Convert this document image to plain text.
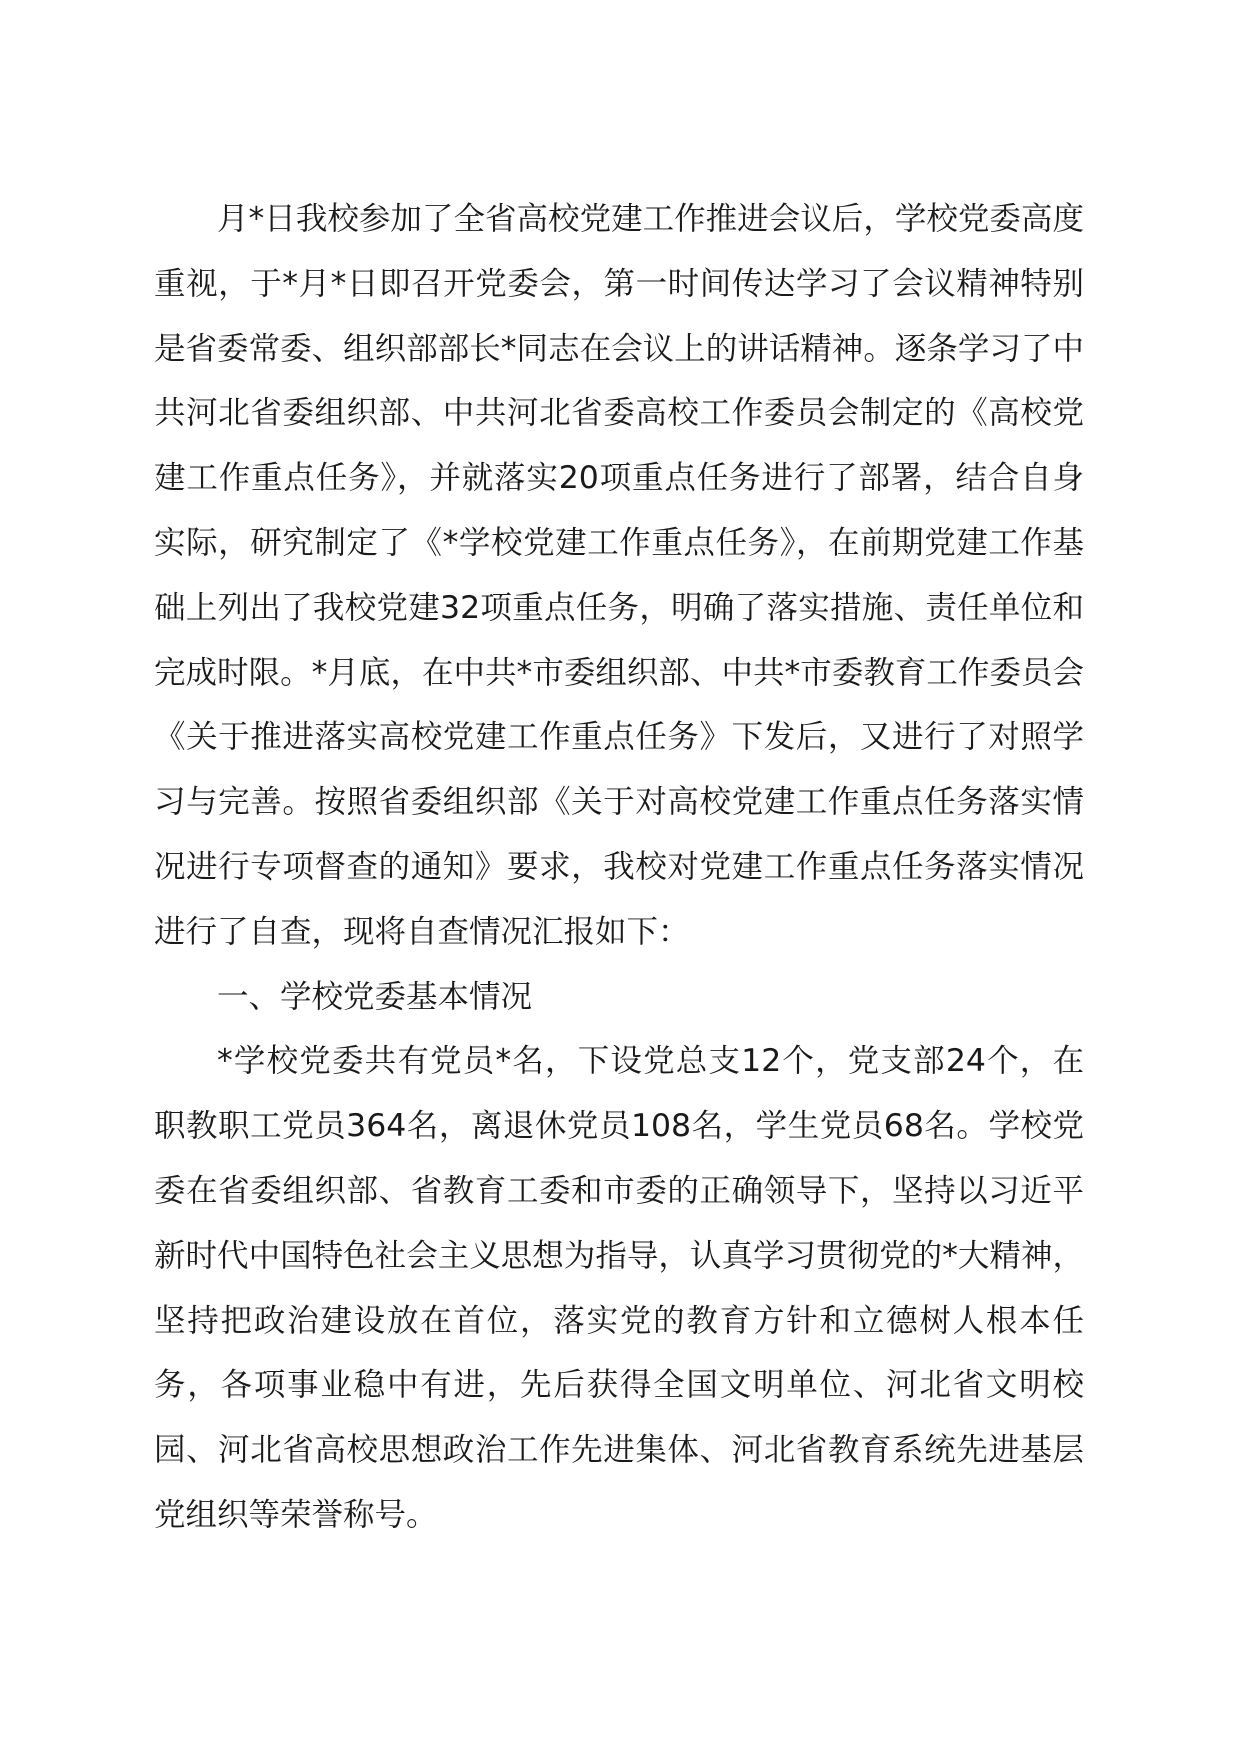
月*日我校参加了全省高校党建工作推进会议后，学校党委高度重视，于*月*日即召开党委会，第一时间传达学习了会议精神特别是省委常委、组织部部长*同志在会议上的讲话精神。逐条学习了中共河北省委组织部、中共河北省委高校工作委员会制定的《高校党建工作重点任务》，并就落实20项重点任务进行了部署，结合自身实际，研究制定了《*学校党建工作重点任务》，在前期党建工作基础上列出了我校党建32项重点任务，明确了落实措施、责任单位和完成时限。*月底，在中共*市委组织部、中共*市委教育工作委员会《关于推进落实高校党建工作重点任务》下发后，又进行了对照学习与完善。按照省委组织部《关于对高校党建工作重点任务落实情况进行专项督查的通知》要求，我校对党建工作重点任务落实情况进行了自查，现将自查情况汇报如下：

一、学校党委基本情况

*学校党委共有党员*名，下设党总支12个，党支部24个，在职教职工党员364名，离退休党员108名，学生党员68名。学校党委在省委组织部、省教育工委和市委的正确领导下，坚持以习近平新时代中国特色社会主义思想为指导，认真学习贯彻党的*大精神，坚持把政治建设放在首位，落实党的教育方针和立德树人根本任务，各项事业稳中有进，先后获得全国文明单位、河北省文明校园、河北省高校思想政治工作先进集体、河北省教育系统先进基层党组织等荣誉称号。
